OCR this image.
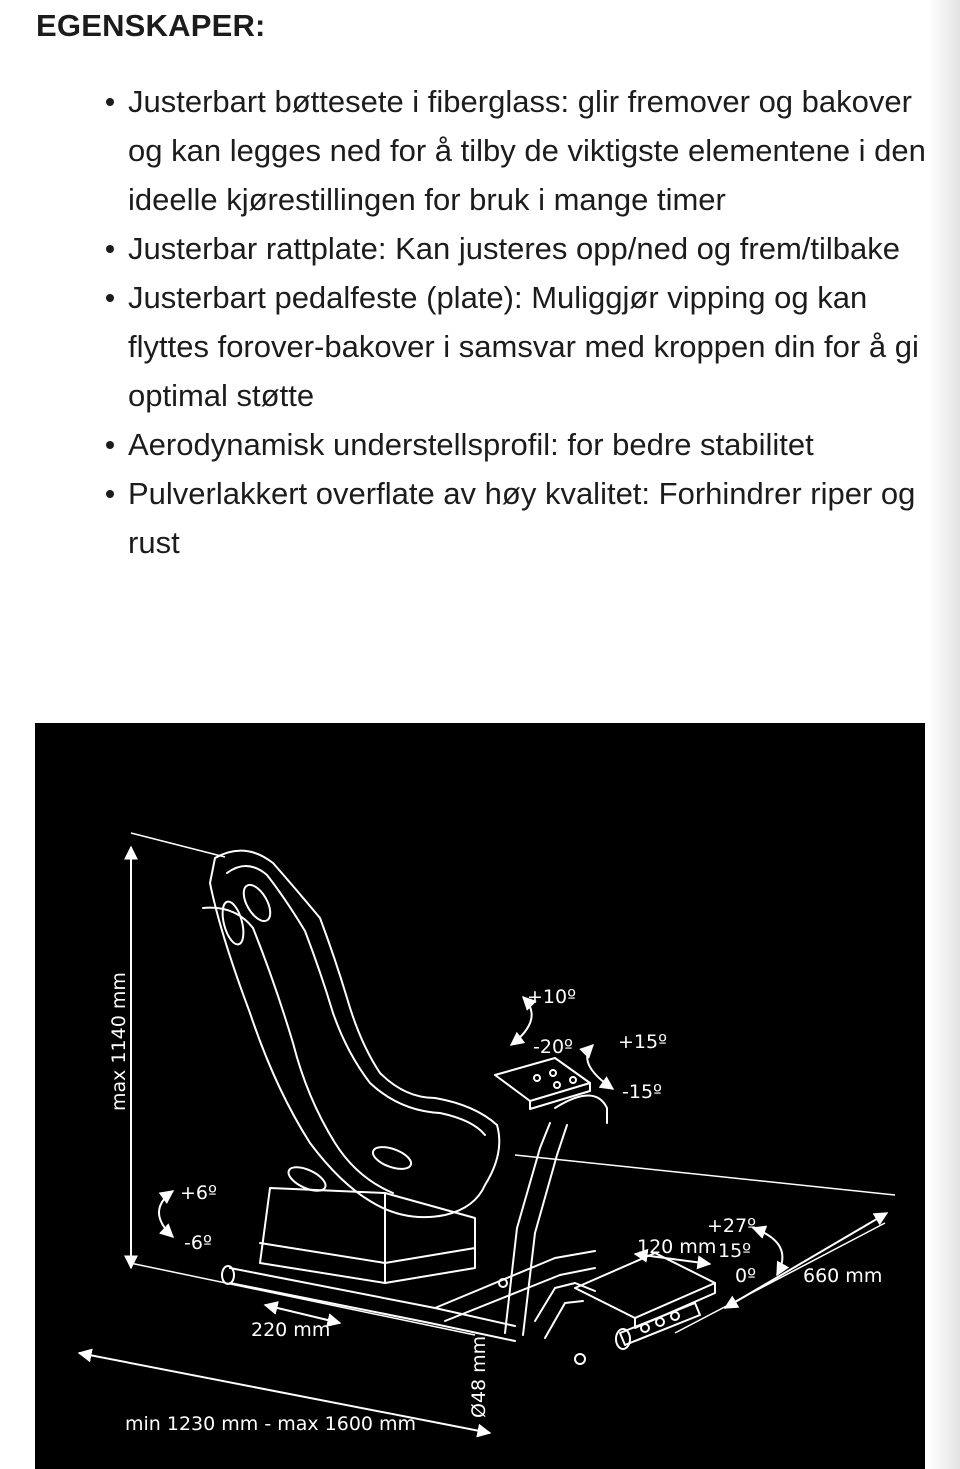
EGENSKAPER:
Justerbart bøttesete i fiberglass: glir fremover og bakover og kan legges ned for å tilby de viktigste elementene i den ideelle kjørestillingen for bruk i mange timer
Justerbar rattplate: Kan justeres opp/ned og frem/tilbake
Justerbart pedalfeste (plate): Muliggjør vipping og kan flyttes forover-bakover i samsvar med kroppen din for å gi optimal støtte
Aerodynamisk understellsprofil: for bedre stabilitet
Pulverlakkert overflate av høy kvalitet: Forhindrer riper og rust
max 1140 mm
+6º
-6º
220 mm
min 1230 mm - max 1600 mm
Ø48 mm
+10º
-20º +15º
-15º
120 mm
+27º
15º
0º 660 mm
